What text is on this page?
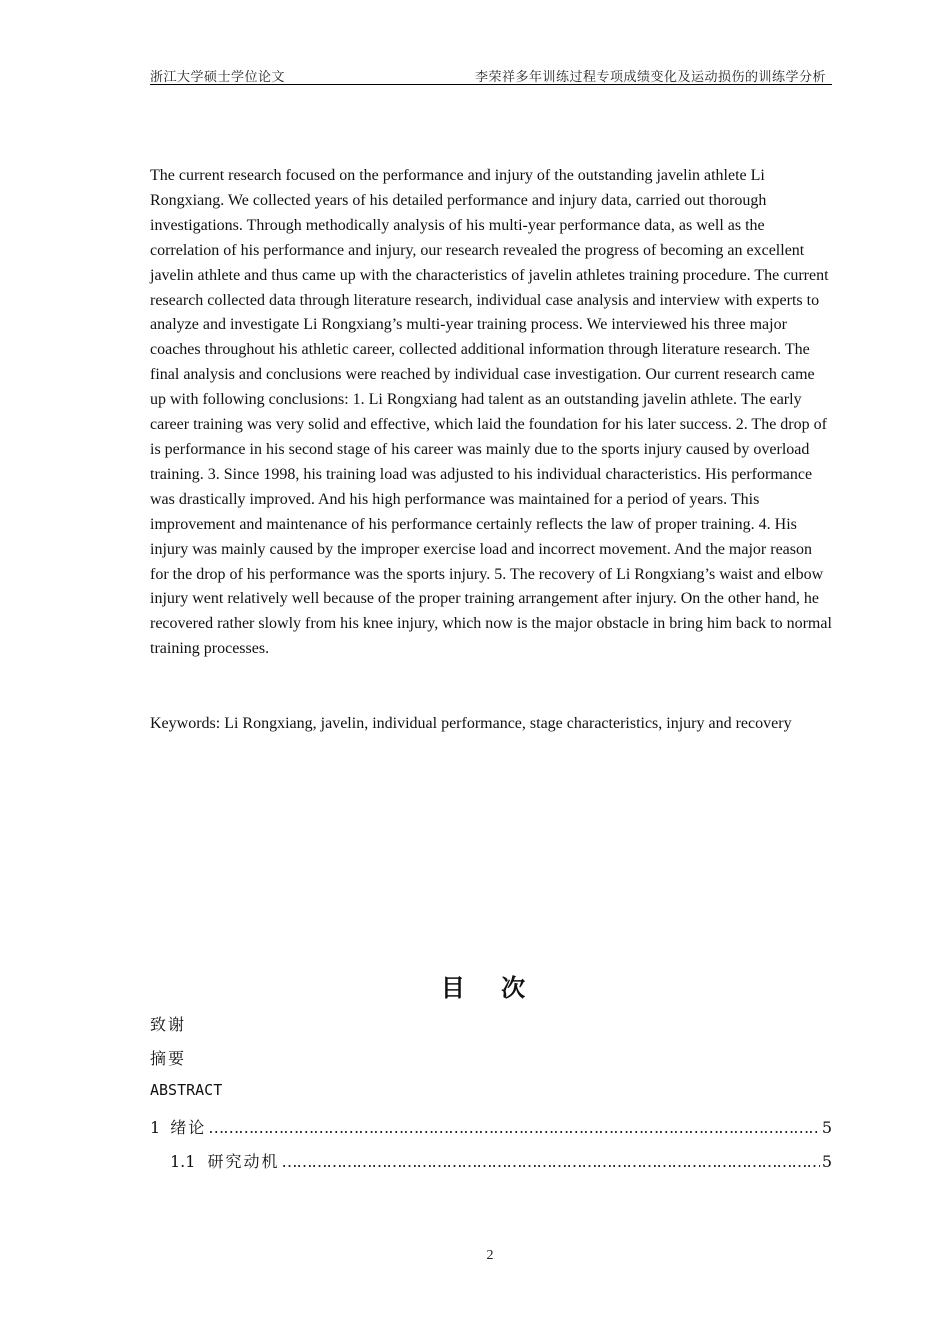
浙江大学硕士学位论文	李荣祥多年训练过程专项成绩变化及运动损伤的训练学分析

The current research focused on the performance and injury of the outstanding javelin athlete Li Rongxiang. We collected years of his detailed performance and injury data, carried out thorough investigations. Through methodically analysis of his multi-year performance data, as well as the correlation of his performance and injury, our research revealed the progress of becoming an excellent javelin athlete and thus came up with the characteristics of javelin athletes training procedure. The current research collected data through literature research, individual case analysis and interview with experts to analyze and investigate Li Rongxiang’s multi-year training process. We interviewed his three major coaches throughout his athletic career, collected additional information through literature research. The final analysis and conclusions were reached by individual case investigation. Our current research came up with following conclusions: 1. Li Rongxiang had talent as an outstanding javelin athlete. The early career training was very solid and effective, which laid the foundation for his later success. 2. The drop of is performance in his second stage of his career was mainly due to the sports injury caused by overload training. 3. Since 1998, his training load was adjusted to his individual characteristics. His performance was drastically improved. And his high performance was maintained for a period of years. This improvement and maintenance of his performance certainly reflects the law of proper training. 4. His injury was mainly caused by the improper exercise load and incorrect movement. And the major reason for the drop of his performance was the sports injury. 5. The recovery of Li Rongxiang’s waist and elbow injury went relatively well because of the proper training arrangement after injury. On the other hand, he recovered rather slowly from his knee injury, which now is the major obstacle in bring him back to normal training processes.

Keywords: Li Rongxiang, javelin, individual performance, stage characteristics, injury and recovery

目 次
致谢
摘要
ABSTRACT
1 绪论 …………………………………………………………………………………………………………………………………………………………………	5
1.1 研究动机 …………………………………………………………………………………………………………………………………………………………………	5
2
